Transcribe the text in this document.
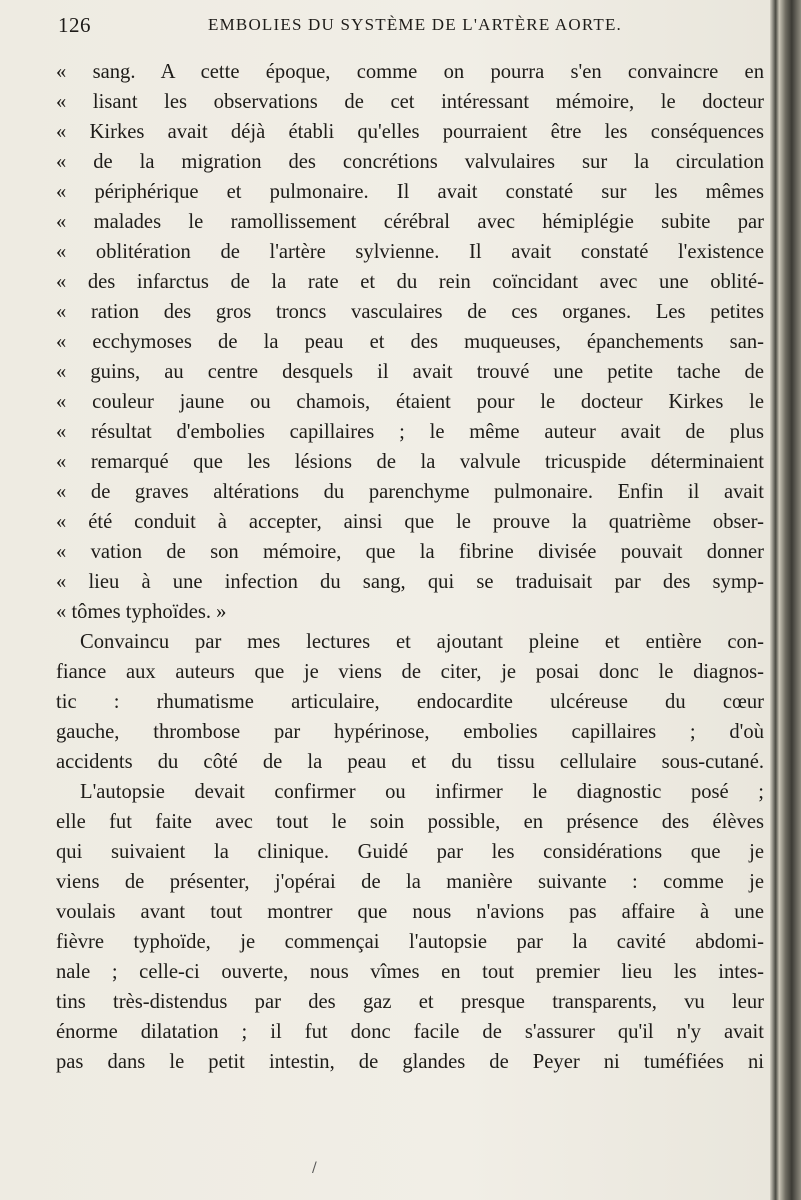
126	EMBOLIES DU SYSTÈME DE L'ARTÈRE AORTE.
« sang. A cette époque, comme on pourra s'en convaincre en
« lisant les observations de cet intéressant mémoire, le docteur
« Kirkes avait déjà établi qu'elles pourraient être les conséquences
« de la migration des concrétions valvulaires sur la circulation
« périphérique et pulmonaire. Il avait constaté sur les mêmes
« malades le ramollissement cérébral avec hémiplégie subite par
« oblitération de l'artère sylvienne. Il avait constaté l'existence
« des infarctus de la rate et du rein coïncidant avec une oblité-
« ration des gros troncs vasculaires de ces organes. Les petites
« ecchymoses de la peau et des muqueuses, épanchements san-
« guins, au centre desquels il avait trouvé une petite tache de
« couleur jaune ou chamois, étaient pour le docteur Kirkes le
« résultat d'embolies capillaires ; le même auteur avait de plus
« remarqué que les lésions de la valvule tricuspide déterminaient
« de graves altérations du parenchyme pulmonaire. Enfin il avait
« été conduit à accepter, ainsi que le prouve la quatrième obser-
« vation de son mémoire, que la fibrine divisée pouvait donner
« lieu à une infection du sang, qui se traduisait par des symp-
« tômes typhoïdes. »
Convaincu par mes lectures et ajoutant pleine et entière con-
fiance aux auteurs que je viens de citer, je posai donc le diagnos-
tic : rhumatisme articulaire, endocardite ulcéreuse du cœur
gauche, thrombose par hypérinose, embolies capillaires ; d'où
accidents du côté de la peau et du tissu cellulaire sous-cutané.
L'autopsie devait confirmer ou infirmer le diagnostic posé ;
elle fut faite avec tout le soin possible, en présence des élèves
qui suivaient la clinique. Guidé par les considérations que je
viens de présenter, j'opérai de la manière suivante : comme je
voulais avant tout montrer que nous n'avions pas affaire à une
fièvre typhoïde, je commençai l'autopsie par la cavité abdomi-
nale ; celle-ci ouverte, nous vîmes en tout premier lieu les intes-
tins très-distendus par des gaz et presque transparents, vu leur
énorme dilatation ; il fut donc facile de s'assurer qu'il n'y avait
pas dans le petit intestin, de glandes de Peyer ni tuméfiées ni
/
